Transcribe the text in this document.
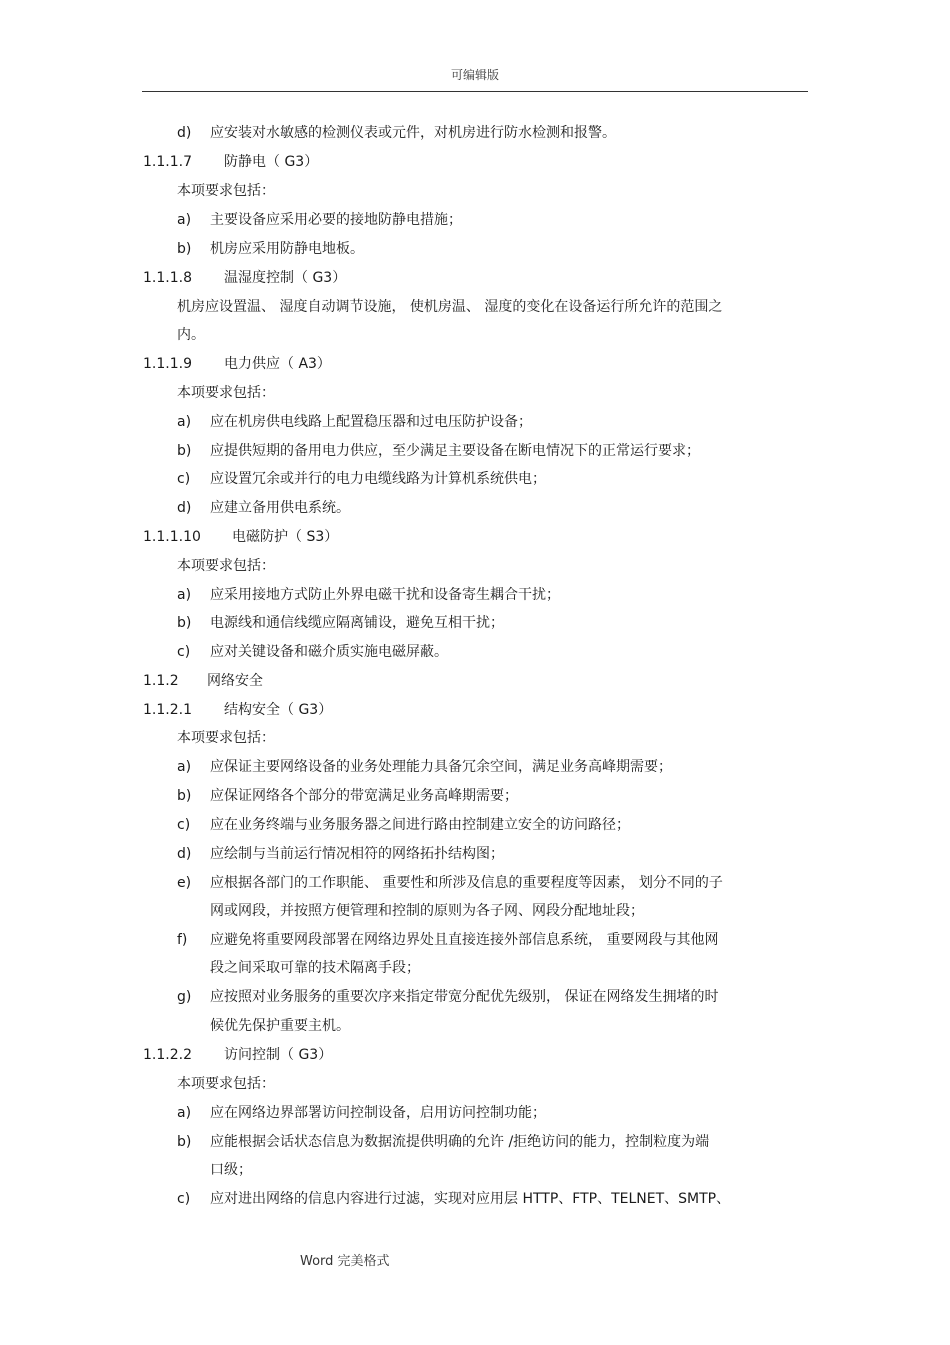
可编辑版
d)	应安装对水敏感的检测仪表或元件，对机房进行防水检测和报警。
1.1.1.7 防静电（ G3）
本项要求包括：
a)	主要设备应采用必要的接地防静电措施；
b)	机房应采用防静电地板。
1.1.1.8 温湿度控制（ G3）
机房应设置温、 湿度自动调节设施， 使机房温、 湿度的变化在设备运行所允许的范围之
内。
1.1.1.9 电力供应（ A3）
本项要求包括：
a)	应在机房供电线路上配置稳压器和过电压防护设备；
b)	应提供短期的备用电力供应，至少满足主要设备在断电情况下的正常运行要求；
c)	应设置冗余或并行的电力电缆线路为计算机系统供电；
d)	应建立备用供电系统。
1.1.1.10 电磁防护（ S3）
本项要求包括：
a)	应采用接地方式防止外界电磁干扰和设备寄生耦合干扰；
b)	电源线和通信线缆应隔离铺设，避免互相干扰；
c)	应对关键设备和磁介质实施电磁屏蔽。
1.1.2 网络安全
1.1.2.1 结构安全（ G3）
本项要求包括：
a)	应保证主要网络设备的业务处理能力具备冗余空间，满足业务高峰期需要；
b)	应保证网络各个部分的带宽满足业务高峰期需要；
c)	应在业务终端与业务服务器之间进行路由控制建立安全的访问路径；
d)	应绘制与当前运行情况相符的网络拓扑结构图；
e)	应根据各部门的工作职能、 重要性和所涉及信息的重要程度等因素， 划分不同的子
网或网段，并按照方便管理和控制的原则为各子网、网段分配地址段；
f)	应避免将重要网段部署在网络边界处且直接连接外部信息系统， 重要网段与其他网
段之间采取可靠的技术隔离手段；
g)	应按照对业务服务的重要次序来指定带宽分配优先级别， 保证在网络发生拥堵的时
候优先保护重要主机。
1.1.2.2 访问控制（ G3）
本项要求包括：
a)	应在网络边界部署访问控制设备，启用访问控制功能；
b)	应能根据会话状态信息为数据流提供明确的允许 /拒绝访问的能力，控制粒度为端
口级；
c)	应对进出网络的信息内容进行过滤，实现对应用层 HTTP、FTP、TELNET、SMTP、
Word 完美格式
